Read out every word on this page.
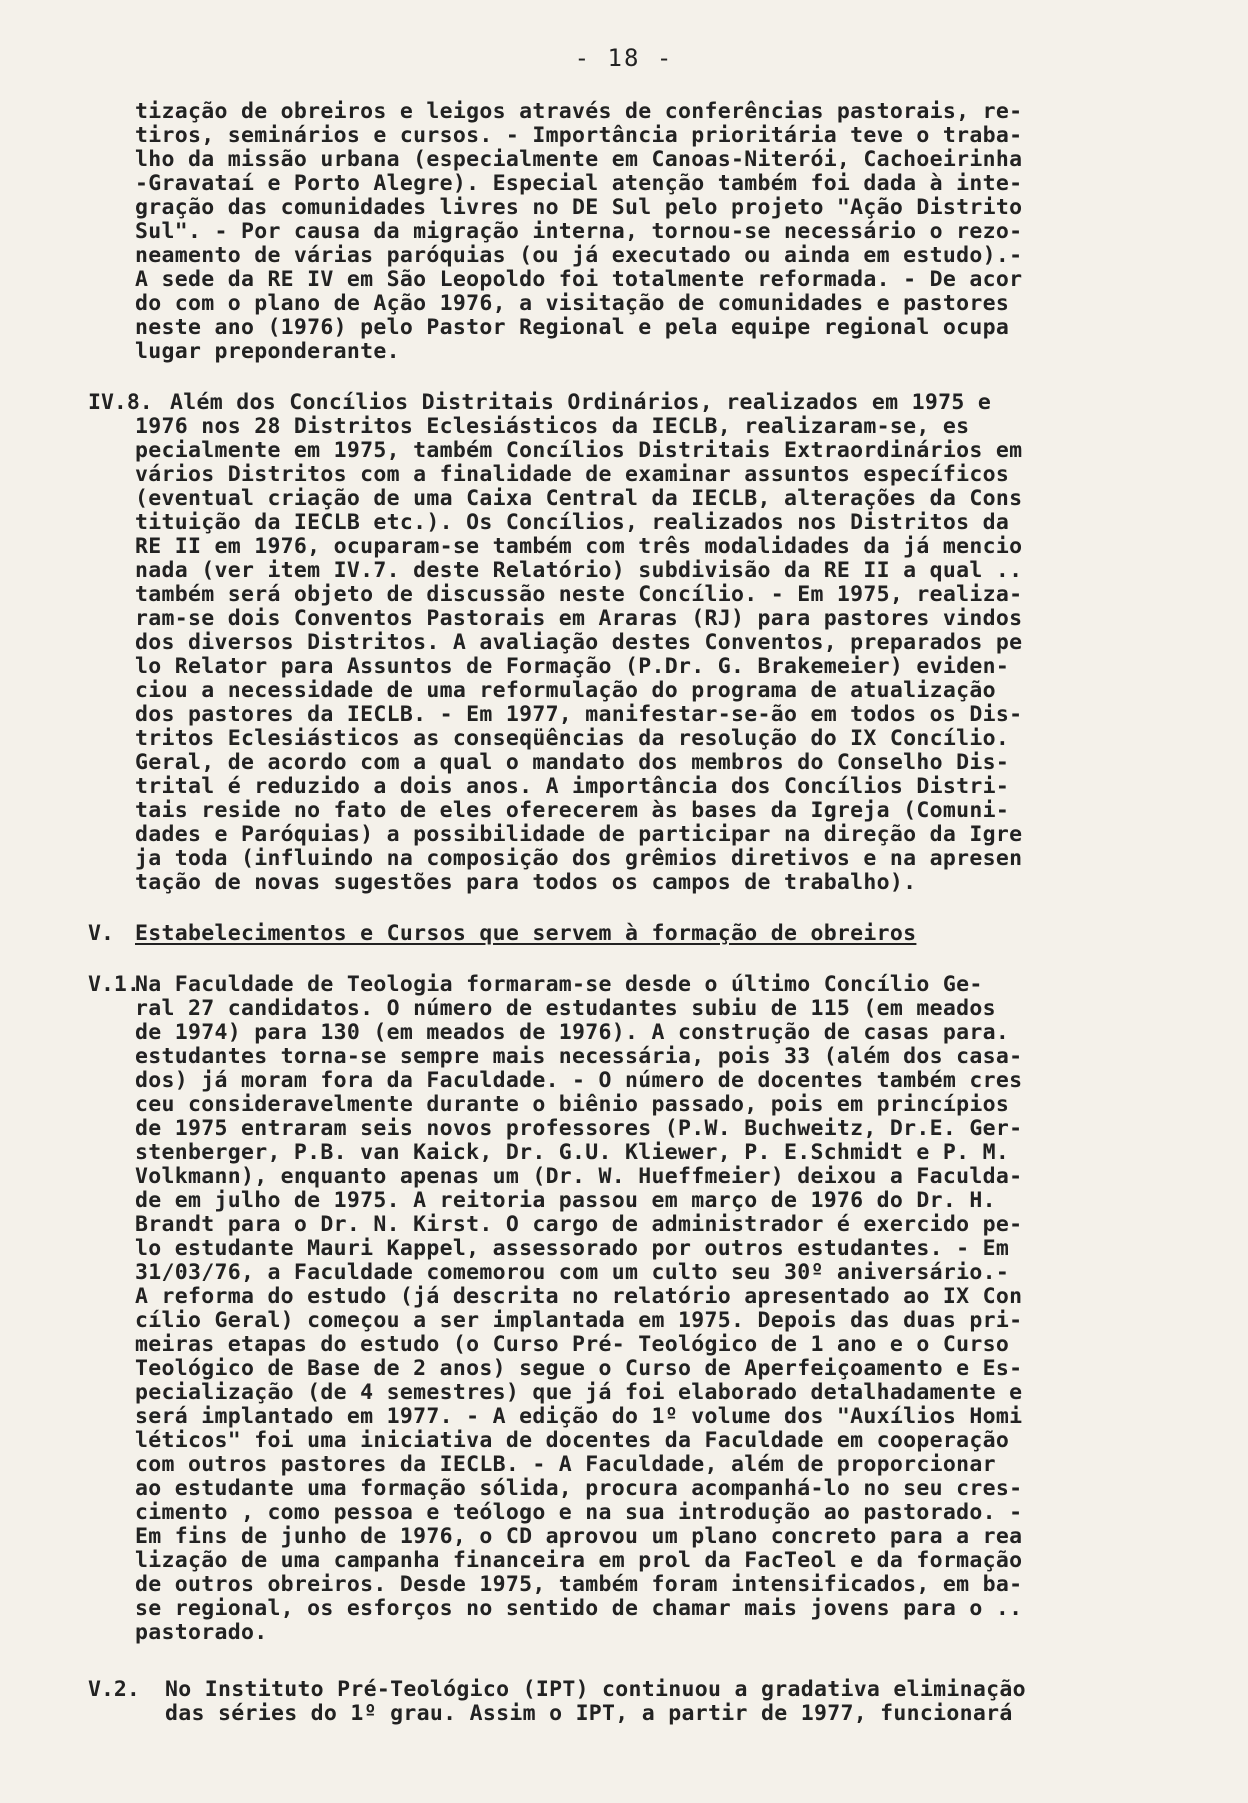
- 18 -
tização de obreiros e leigos através de conferências pastorais, re-
tiros, seminários e cursos. - Importância prioritária teve o traba-
lho da missão urbana (especialmente em Canoas-Niterói, Cachoeirinha
-Gravataí e Porto Alegre). Especial atenção também foi dada à inte-
gração das comunidades livres no DE Sul pelo projeto "Ação Distrito
Sul". - Por causa da migração interna, tornou-se necessário o rezo-
neamento de várias paróquias (ou já executado ou ainda em estudo).-
A sede da RE IV em São Leopoldo foi totalmente reformada. - De acor
do com o plano de Ação 1976, a visitação de comunidades e pastores
neste ano (1976) pelo Pastor Regional e pela equipe regional ocupa
lugar preponderante.
IV.8. Além dos Concílios Distritais Ordinários, realizados em 1975 e
1976 nos 28 Distritos Eclesiásticos da IECLB, realizaram-se, es
pecialmente em 1975, também Concílios Distritais Extraordinários em
vários Distritos com a finalidade de examinar assuntos específicos
(eventual criação de uma Caixa Central da IECLB, alterações da Cons
tituição da IECLB etc.). Os Concílios, realizados nos Distritos da
RE II em 1976, ocuparam-se também com três modalidades da já mencio
nada (ver item IV.7. deste Relatório) subdivisão da RE II a qual ..
também será objeto de discussão neste Concílio. - Em 1975, realiza-
ram-se dois Conventos Pastorais em Araras (RJ) para pastores vindos
dos diversos Distritos. A avaliação destes Conventos, preparados pe
lo Relator para Assuntos de Formação (P.Dr. G. Brakemeier) eviden-
ciou a necessidade de uma reformulação do programa de atualização
dos pastores da IECLB. - Em 1977, manifestar-se-ão em todos os Dis-
tritos Eclesiásticos as conseqüências da resolução do IX Concílio.
Geral, de acordo com a qual o mandato dos membros do Conselho Dis-
trital é reduzido a dois anos. A importância dos Concílios Distri-
tais reside no fato de eles oferecerem às bases da Igreja (Comuni-
dades e Paróquias) a possibilidade de participar na direção da Igre
ja toda (influindo na composição dos grêmios diretivos e na apresen
tação de novas sugestões para todos os campos de trabalho).
V. Estabelecimentos e Cursos que servem à formação de obreiros
V.1.
Na Faculdade de Teologia formaram-se desde o último Concílio Ge-
ral 27 candidatos. O número de estudantes subiu de 115 (em meados
de 1974) para 130 (em meados de 1976). A construção de casas para.
estudantes torna-se sempre mais necessária, pois 33 (além dos casa-
dos) já moram fora da Faculdade. - O número de docentes também cres
ceu consideravelmente durante o biênio passado, pois em princípios
de 1975 entraram seis novos professores (P.W. Buchweitz, Dr.E. Ger-
stenberger, P.B. van Kaick, Dr. G.U. Kliewer, P. E.Schmidt e P. M.
Volkmann), enquanto apenas um (Dr. W. Hueffmeier) deixou a Faculda-
de em julho de 1975. A reitoria passou em março de 1976 do Dr. H.
Brandt para o Dr. N. Kirst. O cargo de administrador é exercido pe-
lo estudante Mauri Kappel, assessorado por outros estudantes. - Em
31/03/76, a Faculdade comemorou com um culto seu 30º aniversário.-
A reforma do estudo (já descrita no relatório apresentado ao IX Con
cílio Geral) começou a ser implantada em 1975. Depois das duas pri-
meiras etapas do estudo (o Curso Pré- Teológico de 1 ano e o Curso
Teológico de Base de 2 anos) segue o Curso de Aperfeiçoamento e Es-
pecialização (de 4 semestres) que já foi elaborado detalhadamente e
será implantado em 1977. - A edição do 1º volume dos "Auxílios Homi
léticos" foi uma iniciativa de docentes da Faculdade em cooperação
com outros pastores da IECLB. - A Faculdade, além de proporcionar
ao estudante uma formação sólida, procura acompanhá-lo no seu cres-
cimento , como pessoa e teólogo e na sua introdução ao pastorado. -
Em fins de junho de 1976, o CD aprovou um plano concreto para a rea
lização de uma campanha financeira em prol da FacTeol e da formação
de outros obreiros. Desde 1975, também foram intensificados, em ba-
se regional, os esforços no sentido de chamar mais jovens para o ..
pastorado.
V.2. No Instituto Pré-Teológico (IPT) continuou a gradativa eliminação
das séries do 1º grau. Assim o IPT, a partir de 1977, funcionará
